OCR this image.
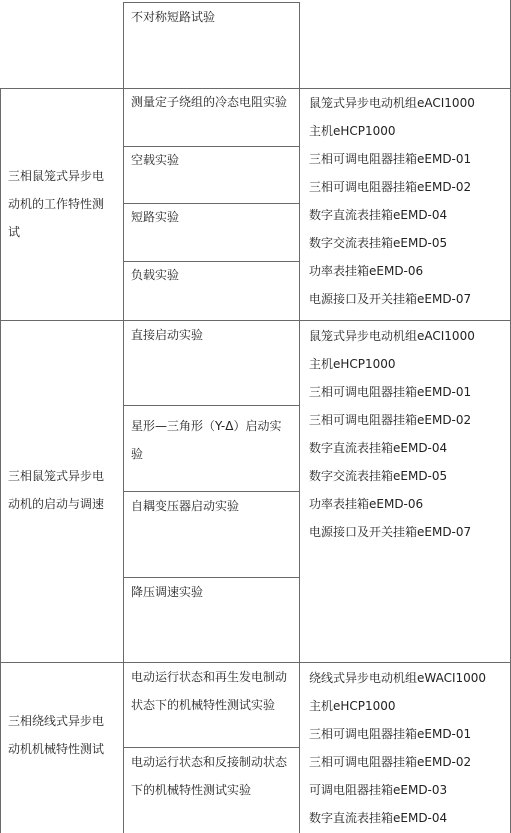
不对称短路试验
三相鼠笼式异步电
动机的工作特性测
试
测量定子绕组的冷态电阻实验
空载实验
短路实验
负载实验
鼠笼式异步电动机组eACI1000
主机eHCP1000
三相可调电阻器挂箱eEMD-01
三相可调电阻器挂箱eEMD-02
数字直流表挂箱eEMD-04
数字交流表挂箱eEMD-05
功率表挂箱eEMD-06
电源接口及开关挂箱eEMD-07
三相鼠笼式异步电
动机的启动与调速
直接启动实验
星形—三角形（Y-Δ）启动实
验
自耦变压器启动实验
降压调速实验
鼠笼式异步电动机组eACI1000
主机eHCP1000
三相可调电阻器挂箱eEMD-01
三相可调电阻器挂箱eEMD-02
数字直流表挂箱eEMD-04
数字交流表挂箱eEMD-05
功率表挂箱eEMD-06
电源接口及开关挂箱eEMD-07
三相绕线式异步电
动机机械特性测试
电动运行状态和再生发电制动
状态下的机械特性测试实验
电动运行状态和反接制动状态
下的机械特性测试实验
绕线式异步电动机组eWACI1000
主机eHCP1000
三相可调电阻器挂箱eEMD-01
三相可调电阻器挂箱eEMD-02
可调电阻器挂箱eEMD-03
数字直流表挂箱eEMD-04
